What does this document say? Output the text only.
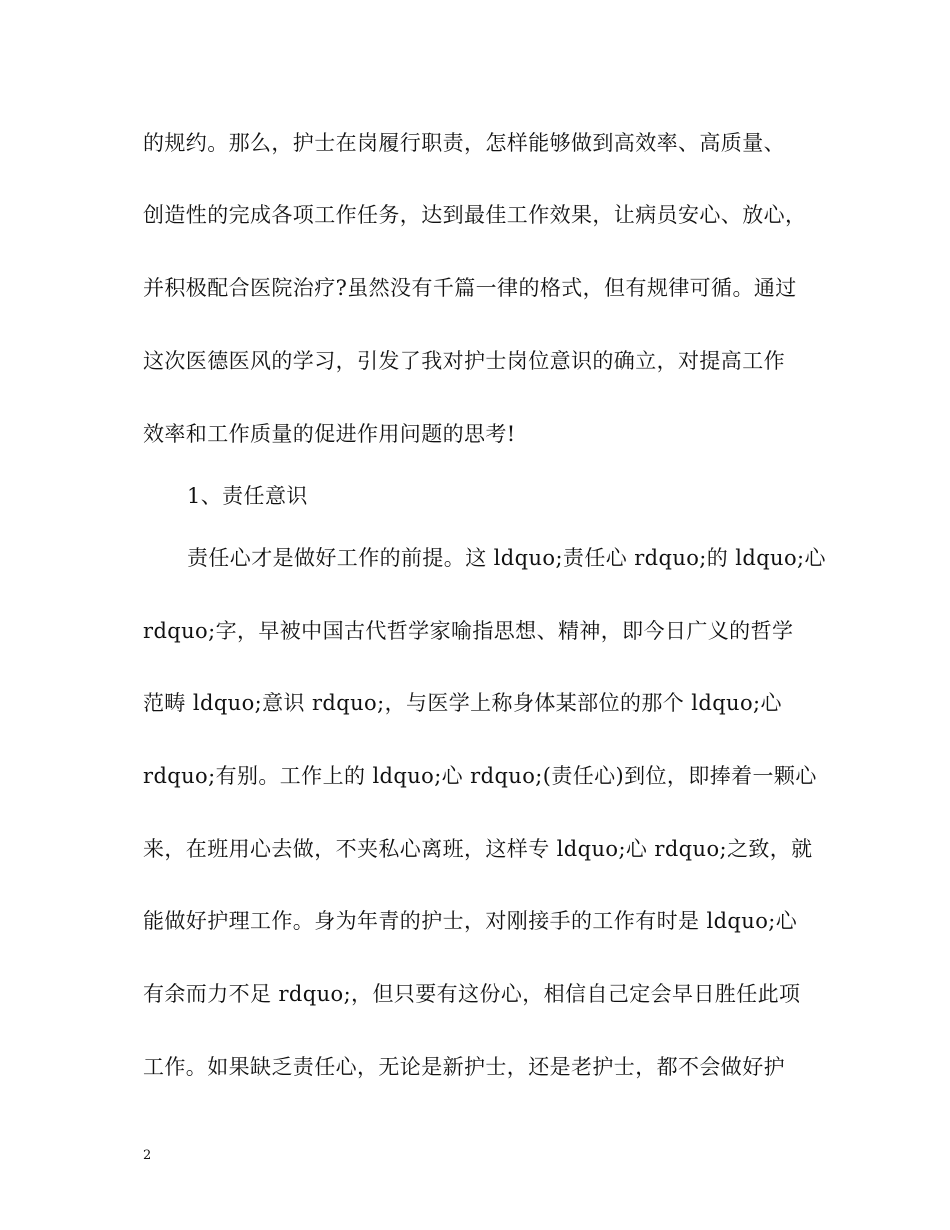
的规约。那么，护士在岗履行职责，怎样能够做到高效率、高质量、
创造性的完成各项工作任务，达到最佳工作效果，让病员安心、放心，
并积极配合医院治疗?虽然没有千篇一律的格式，但有规律可循。通过
这次医德医风的学习，引发了我对护士岗位意识的确立，对提高工作
效率和工作质量的促进作用问题的思考!
1、责任意识
责任心才是做好工作的前提。这 ldquo;责任心 rdquo;的 ldquo;心
rdquo;字，早被中国古代哲学家喻指思想、精神，即今日广义的哲学
范畴 ldquo;意识 rdquo;，与医学上称身体某部位的那个 ldquo;心
rdquo;有别。工作上的 ldquo;心 rdquo;(责任心)到位，即捧着一颗心
来，在班用心去做，不夹私心离班，这样专 ldquo;心 rdquo;之致，就
能做好护理工作。身为年青的护士，对刚接手的工作有时是 ldquo;心
有余而力不足 rdquo;，但只要有这份心，相信自己定会早日胜任此项
工作。如果缺乏责任心，无论是新护士，还是老护士，都不会做好护
2
